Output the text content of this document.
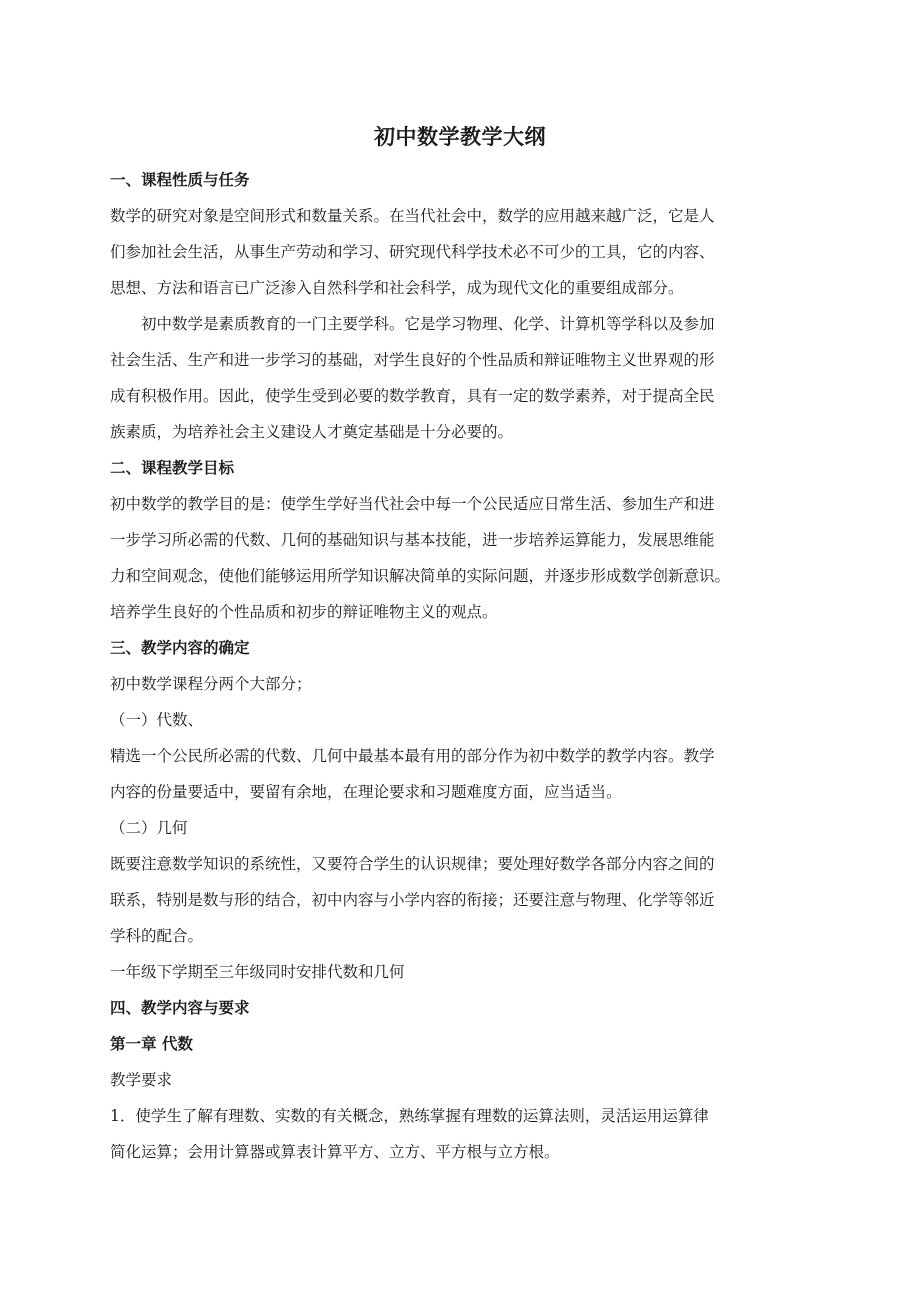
初中数学教学大纲
一、课程性质与任务
数学的研究对象是空间形式和数量关系。在当代社会中，数学的应用越来越广泛，它是人
们参加社会生活，从事生产劳动和学习、研究现代科学技术必不可少的工具，它的内容、
思想、方法和语言已广泛渗入自然科学和社会科学，成为现代文化的重要组成部分。
初中数学是素质教育的一门主要学科。它是学习物理、化学、计算机等学科以及参加
社会生活、生产和进一步学习的基础，对学生良好的个性品质和辩证唯物主义世界观的形
成有积极作用。因此，使学生受到必要的数学教育，具有一定的数学素养，对于提高全民
族素质，为培养社会主义建设人才奠定基础是十分必要的。
二、课程教学目标
初中数学的教学目的是：使学生学好当代社会中每一个公民适应日常生活、参加生产和进
一步学习所必需的代数、几何的基础知识与基本技能，进一步培养运算能力，发展思维能
力和空间观念，使他们能够运用所学知识解决简单的实际问题，并逐步形成数学创新意识。
培养学生良好的个性品质和初步的辩证唯物主义的观点。
三、教学内容的确定
初中数学课程分两个大部分；
（一）代数、
精选一个公民所必需的代数、几何中最基本最有用的部分作为初中数学的教学内容。教学
内容的份量要适中，要留有余地，在理论要求和习题难度方面，应当适当。
（二）几何
既要注意数学知识的系统性，又要符合学生的认识规律；要处理好数学各部分内容之间的
联系，特别是数与形的结合，初中内容与小学内容的衔接；还要注意与物理、化学等邻近
学科的配合。
一年级下学期至三年级同时安排代数和几何
四、教学内容与要求
第一章 代数
教学要求
1．使学生了解有理数、实数的有关概念，熟练掌握有理数的运算法则，灵活运用运算律
简化运算；会用计算器或算表计算平方、立方、平方根与立方根。
